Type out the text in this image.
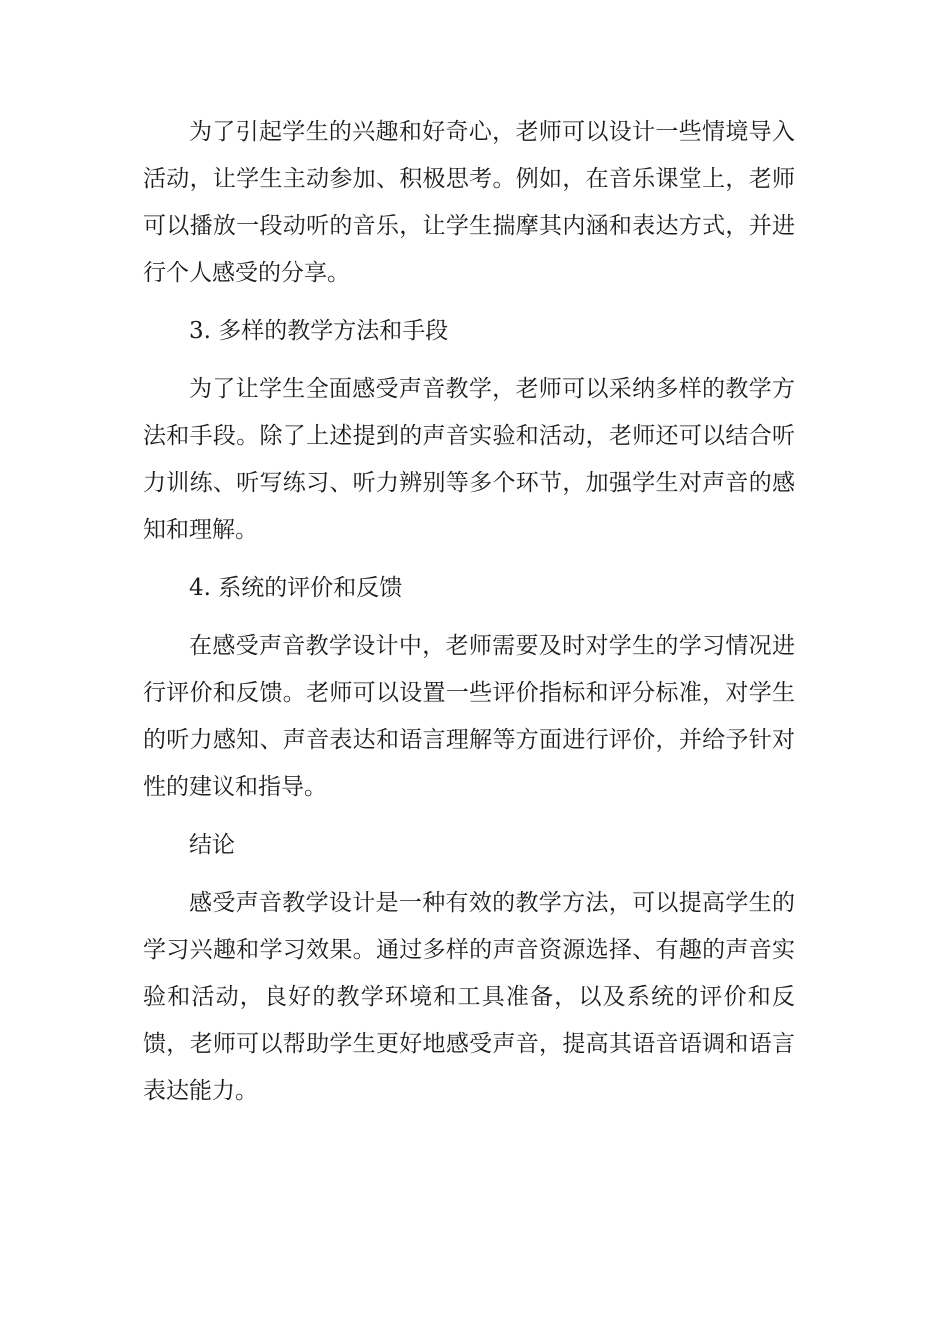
为了引起学生的兴趣和好奇心，老师可以设计一些情境导入活动，让学生主动参加、积极思考。例如，在音乐课堂上，老师可以播放一段动听的音乐，让学生揣摩其内涵和表达方式，并进行个人感受的分享。

3. 多样的教学方法和手段

为了让学生全面感受声音教学，老师可以采纳多样的教学方法和手段。除了上述提到的声音实验和活动，老师还可以结合听力训练、听写练习、听力辨别等多个环节，加强学生对声音的感知和理解。

4. 系统的评价和反馈

在感受声音教学设计中，老师需要及时对学生的学习情况进行评价和反馈。老师可以设置一些评价指标和评分标准，对学生的听力感知、声音表达和语言理解等方面进行评价，并给予针对性的建议和指导。

结论

感受声音教学设计是一种有效的教学方法，可以提高学生的学习兴趣和学习效果。通过多样的声音资源选择、有趣的声音实验和活动，良好的教学环境和工具准备，以及系统的评价和反馈，老师可以帮助学生更好地感受声音，提高其语音语调和语言表达能力。
